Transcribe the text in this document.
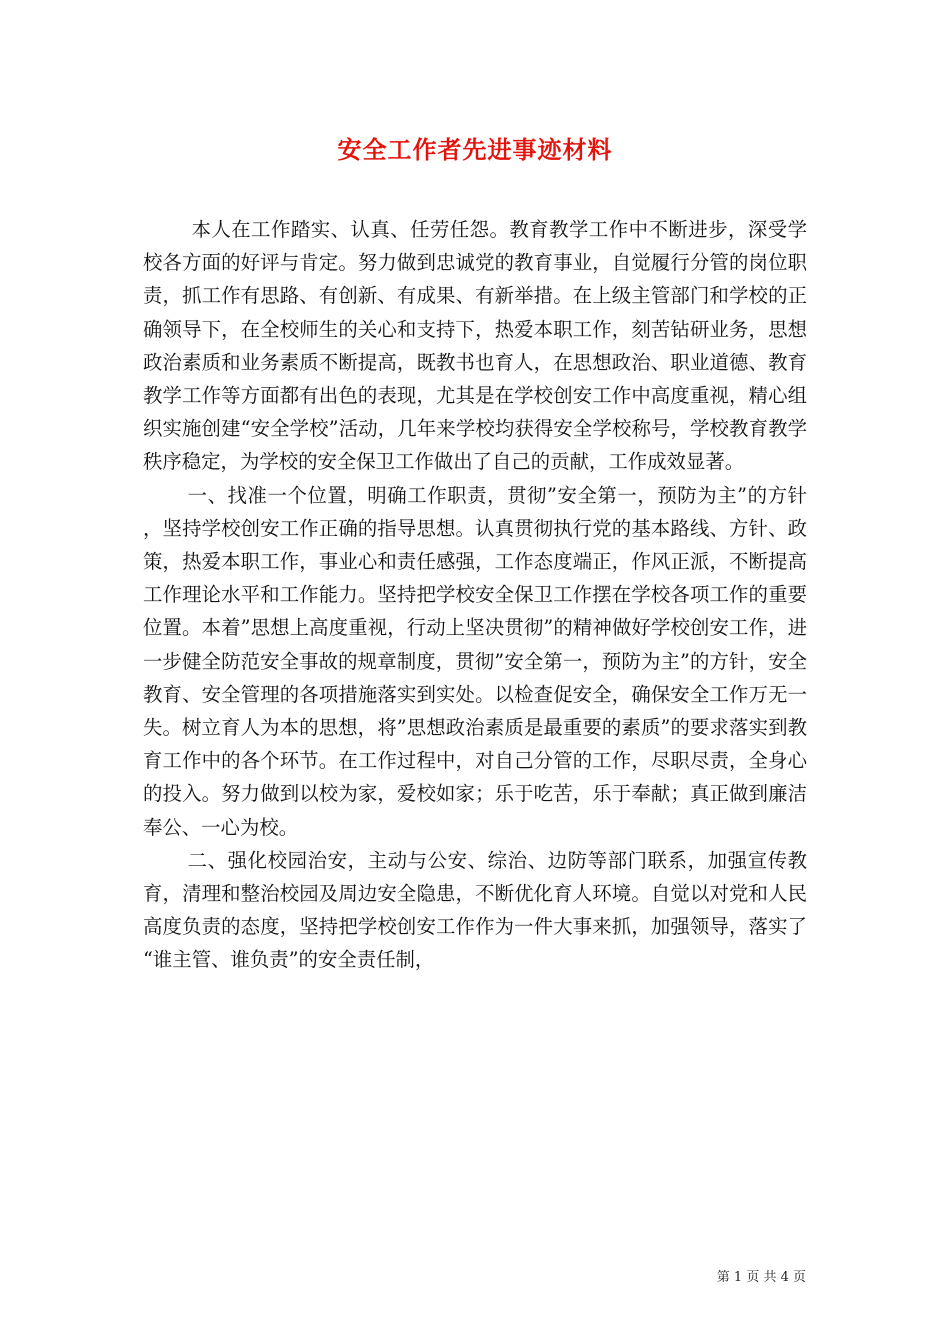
安全工作者先进事迹材料

本人在工作踏实、认真、任劳任怨。教育教学工作中不断进步，深受学校各方面的好评与肯定。努力做到忠诚党的教育事业，自觉履行分管的岗位职责，抓工作有思路、有创新、有成果、有新举措。在上级主管部门和学校的正确领导下，在全校师生的关心和支持下，热爱本职工作，刻苦钻研业务，思想政治素质和业务素质不断提高，既教书也育人，在思想政治、职业道德、教育教学工作等方面都有出色的表现，尤其是在学校创安工作中高度重视，精心组织实施创建“安全学校”活动，几年来学校均获得安全学校称号，学校教育教学秩序稳定，为学校的安全保卫工作做出了自己的贡献，工作成效显著。

一、找准一个位置，明确工作职责，贯彻”安全第一，预防为主”的方针，坚持学校创安工作正确的指导思想。认真贯彻执行党的基本路线、方针、政策，热爱本职工作，事业心和责任感强，工作态度端正，作风正派，不断提高工作理论水平和工作能力。坚持把学校安全保卫工作摆在学校各项工作的重要位置。本着”思想上高度重视，行动上坚决贯彻”的精神做好学校创安工作，进一步健全防范安全事故的规章制度，贯彻”安全第一，预防为主”的方针，安全教育、安全管理的各项措施落实到实处。以检查促安全，确保安全工作万无一失。树立育人为本的思想，将”思想政治素质是最重要的素质”的要求落实到教育工作中的各个环节。在工作过程中，对自己分管的工作，尽职尽责，全身心的投入。努力做到以校为家，爱校如家；乐于吃苦，乐于奉献；真正做到廉洁奉公、一心为校。

二、强化校园治安，主动与公安、综治、边防等部门联系，加强宣传教育，清理和整治校园及周边安全隐患，不断优化育人环境。自觉以对党和人民高度负责的态度，坚持把学校创安工作作为一件大事来抓，加强领导，落实了“谁主管、谁负责”的安全责任制，

第 1 页 共 4 页
